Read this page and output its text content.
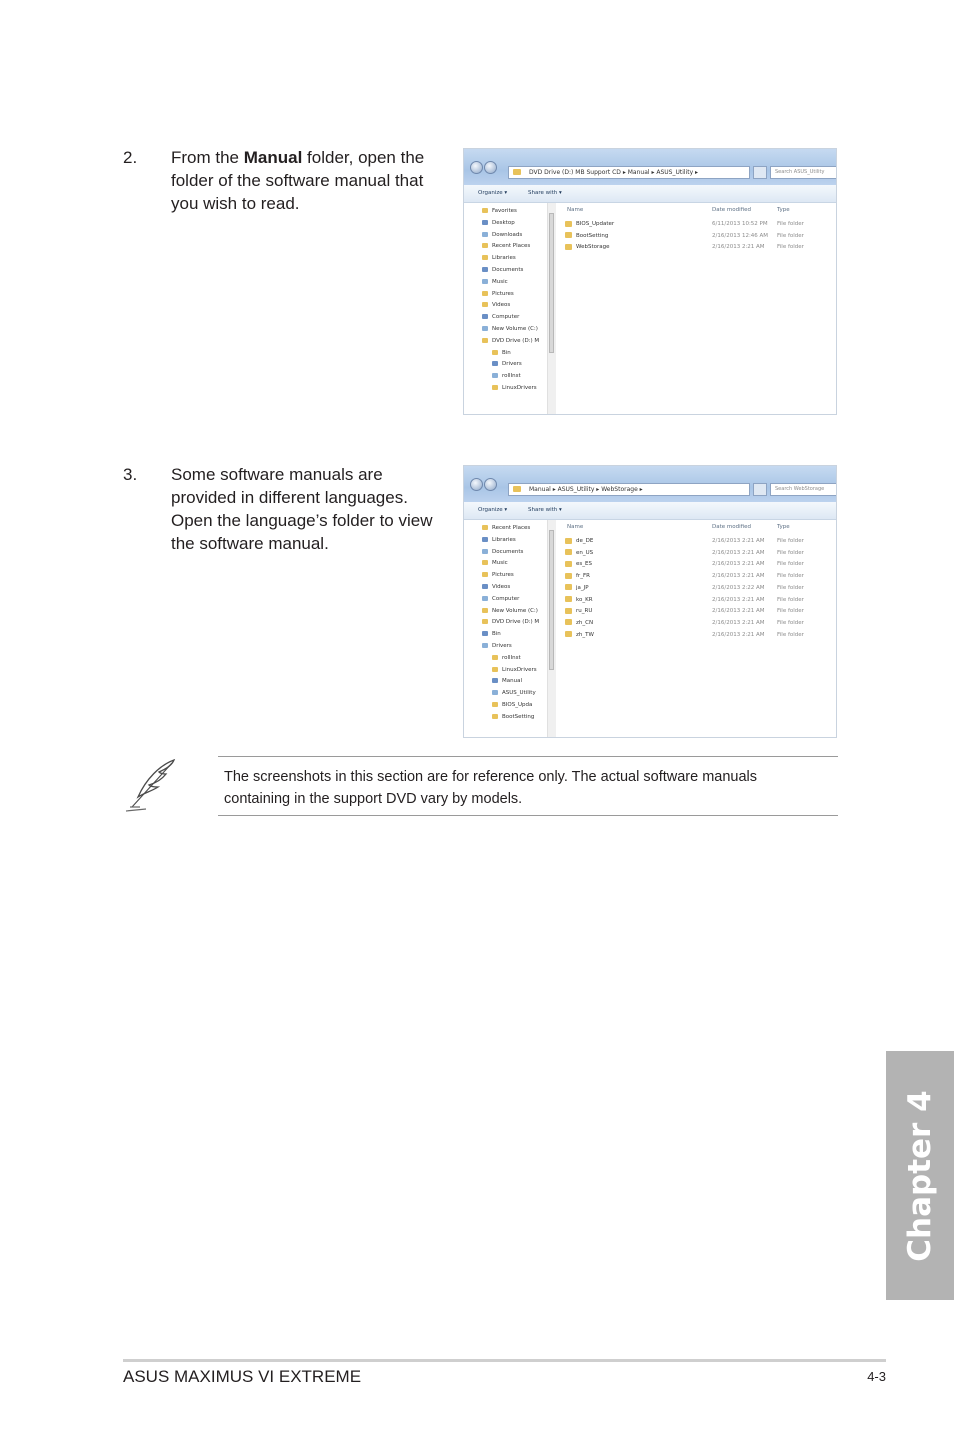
2. From the Manual folder, open the folder of the software manual that you wish to read.
DVD Drive (D:) MB Support CD ▸ Manual ▸ ASUS_Utility ▸	Search ASUS_Utility
Organize ▾	Share with ▾
Favorites
Desktop
Downloads
Recent Places
Libraries
Documents
Music
Pictures
Videos
Computer
New Volume (C:)
DVD Drive (D:) M
Bin
Drivers
rollInst
LinuxDrivers
Name	Date modified	Type
BIOS_Updater	6/11/2013 10:52 PM File folder
BootSetting	2/16/2013 12:46 AM File folder
WebStorage	2/16/2013 2:21 AM File folder
3. Some software manuals are provided in different languages. Open the language’s folder to view the software manual.
Manual ▸ ASUS_Utility ▸ WebStorage ▸	Search WebStorage
Organize ▾	Share with ▾
Recent Places
Libraries
Documents
Music
Pictures
Videos
Computer
New Volume (C:)
DVD Drive (D:) M
Bin
Drivers
rollInst
LinuxDrivers
Manual
ASUS_Utility
BIOS_Upda
BootSetting
Name	Date modified	Type
de_DE	2/16/2013 2:21 AM File folder
en_US	2/16/2013 2:21 AM File folder
es_ES	2/16/2013 2:21 AM File folder
fr_FR	2/16/2013 2:21 AM File folder
ja_JP	2/16/2013 2:22 AM File folder
ko_KR	2/16/2013 2:21 AM File folder
ru_RU	2/16/2013 2:21 AM File folder
zh_CN	2/16/2013 2:21 AM File folder
zh_TW	2/16/2013 2:21 AM File folder
The screenshots in this section are for reference only. The actual software manuals containing in the support DVD vary by models.
Chapter 4
ASUS MAXIMUS VI EXTREME	4-3
